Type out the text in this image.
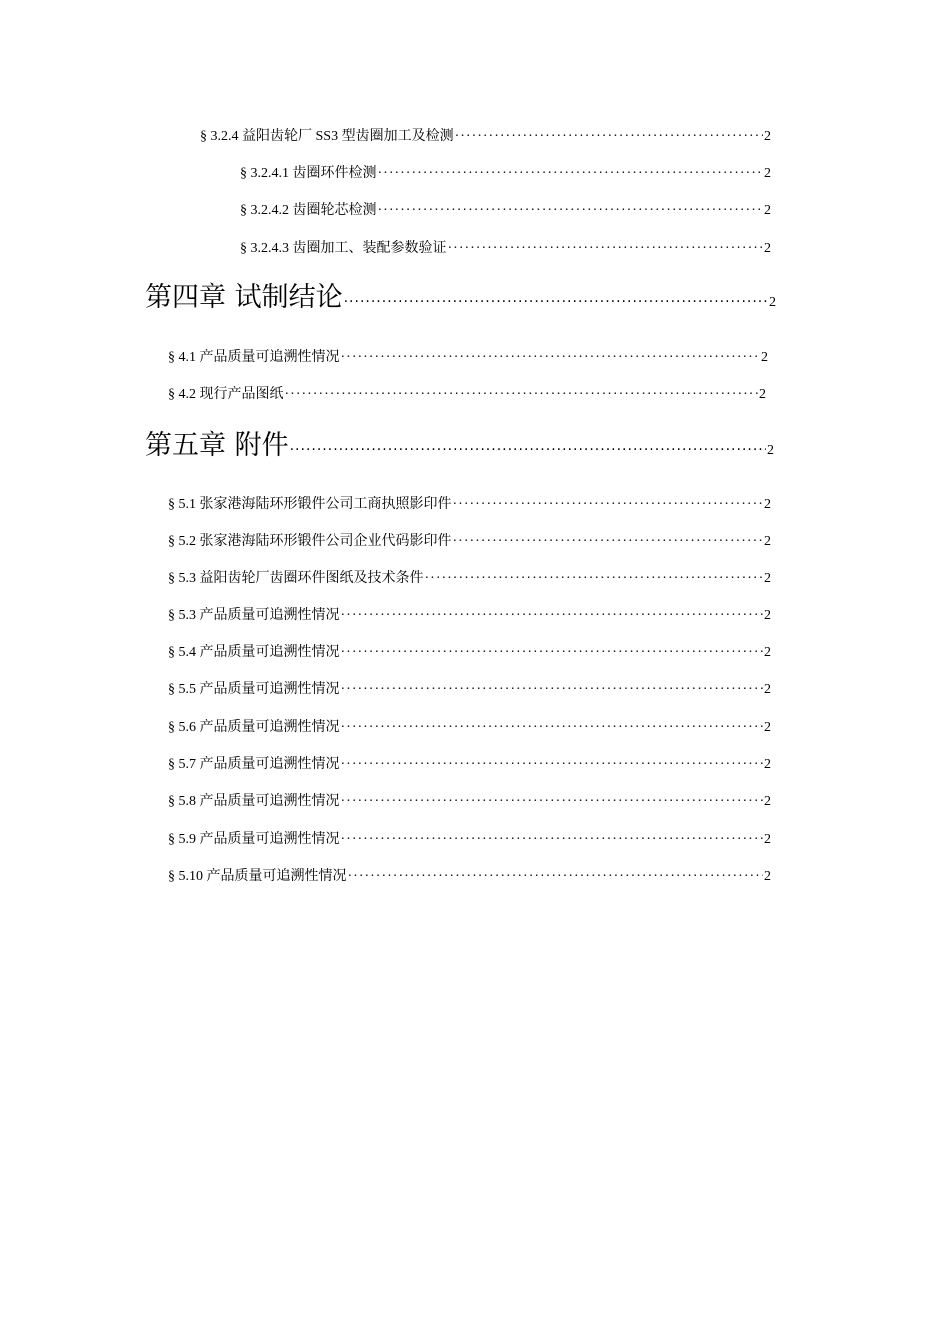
§ 3.2.4 益阳齿轮厂 SS3 型齿圈加工及检测 ·····	2
§ 3.2.4.1 齿圈环件检测 ·····	2
§ 3.2.4.2 齿圈轮芯检测 ·····	2
§ 3.2.4.3 齿圈加工、装配参数验证 ·····	2
第四章 试制结论 ·····	2
§ 4.1 产品质量可追溯性情况 ·····	2
§ 4.2 现行产品图纸 ·····	2
第五章 附件 ·····	2
§ 5.1 张家港海陆环形锻件公司工商执照影印件 ·····	2
§ 5.2 张家港海陆环形锻件公司企业代码影印件 ·····	2
§ 5.3 益阳齿轮厂齿圈环件图纸及技术条件 ·····	2
§ 5.3 产品质量可追溯性情况 ·····	2
§ 5.4 产品质量可追溯性情况 ·····	2
§ 5.5 产品质量可追溯性情况 ·····	2
§ 5.6 产品质量可追溯性情况 ·····	2
§ 5.7 产品质量可追溯性情况 ·····	2
§ 5.8 产品质量可追溯性情况 ·····	2
§ 5.9 产品质量可追溯性情况 ·····	2
§ 5.10 产品质量可追溯性情况 ·····	2
